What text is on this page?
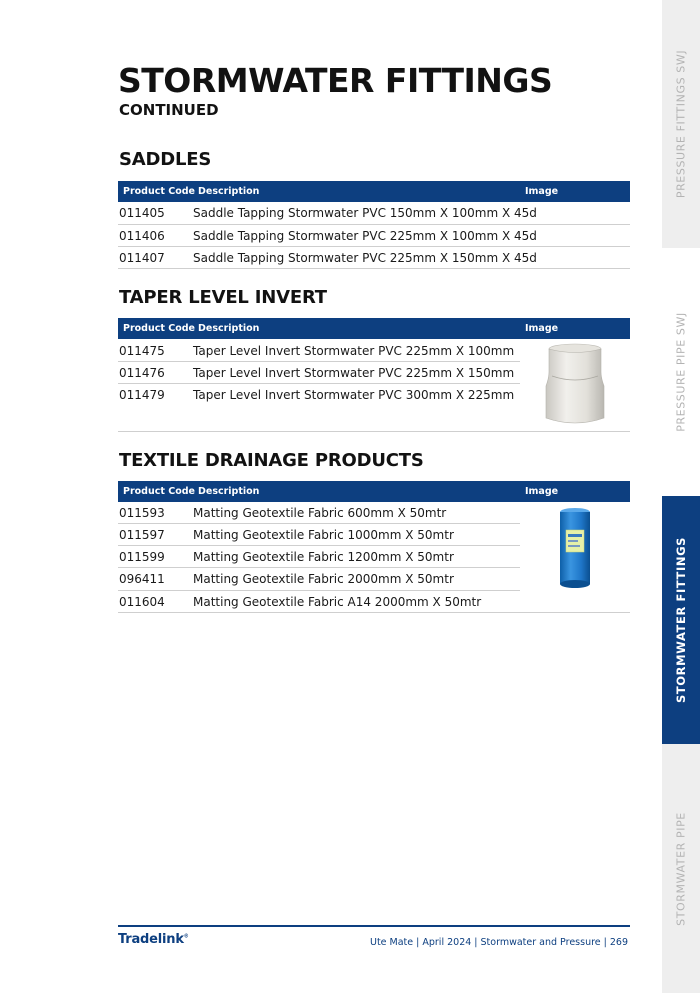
STORMWATER FITTINGS
CONTINUED
SADDLES
Product Code Description	Image
011405 Saddle Tapping Stormwater PVC 150mm X 100mm X 45d
011406 Saddle Tapping Stormwater PVC 225mm X 100mm X 45d
011407 Saddle Tapping Stormwater PVC 225mm X 150mm X 45d
TAPER LEVEL INVERT
Product Code Description	Image
011475 Taper Level Invert Stormwater PVC 225mm X 100mm
011476 Taper Level Invert Stormwater PVC 225mm X 150mm
011479 Taper Level Invert Stormwater PVC 300mm X 225mm
TEXTILE DRAINAGE PRODUCTS
Product Code Description	Image
011593 Matting Geotextile Fabric 600mm X 50mtr
011597 Matting Geotextile Fabric 1000mm X 50mtr
011599 Matting Geotextile Fabric 1200mm X 50mtr
096411 Matting Geotextile Fabric 2000mm X 50mtr
011604 Matting Geotextile Fabric A14 2000mm X 50mtr
PRESSURE FITTINGS SWJ
PRESSURE PIPE SWJ
STORMWATER FITTINGS
STORMWATER PIPE
Tradelink®
Ute Mate | April 2024 | Stormwater and Pressure | 269
